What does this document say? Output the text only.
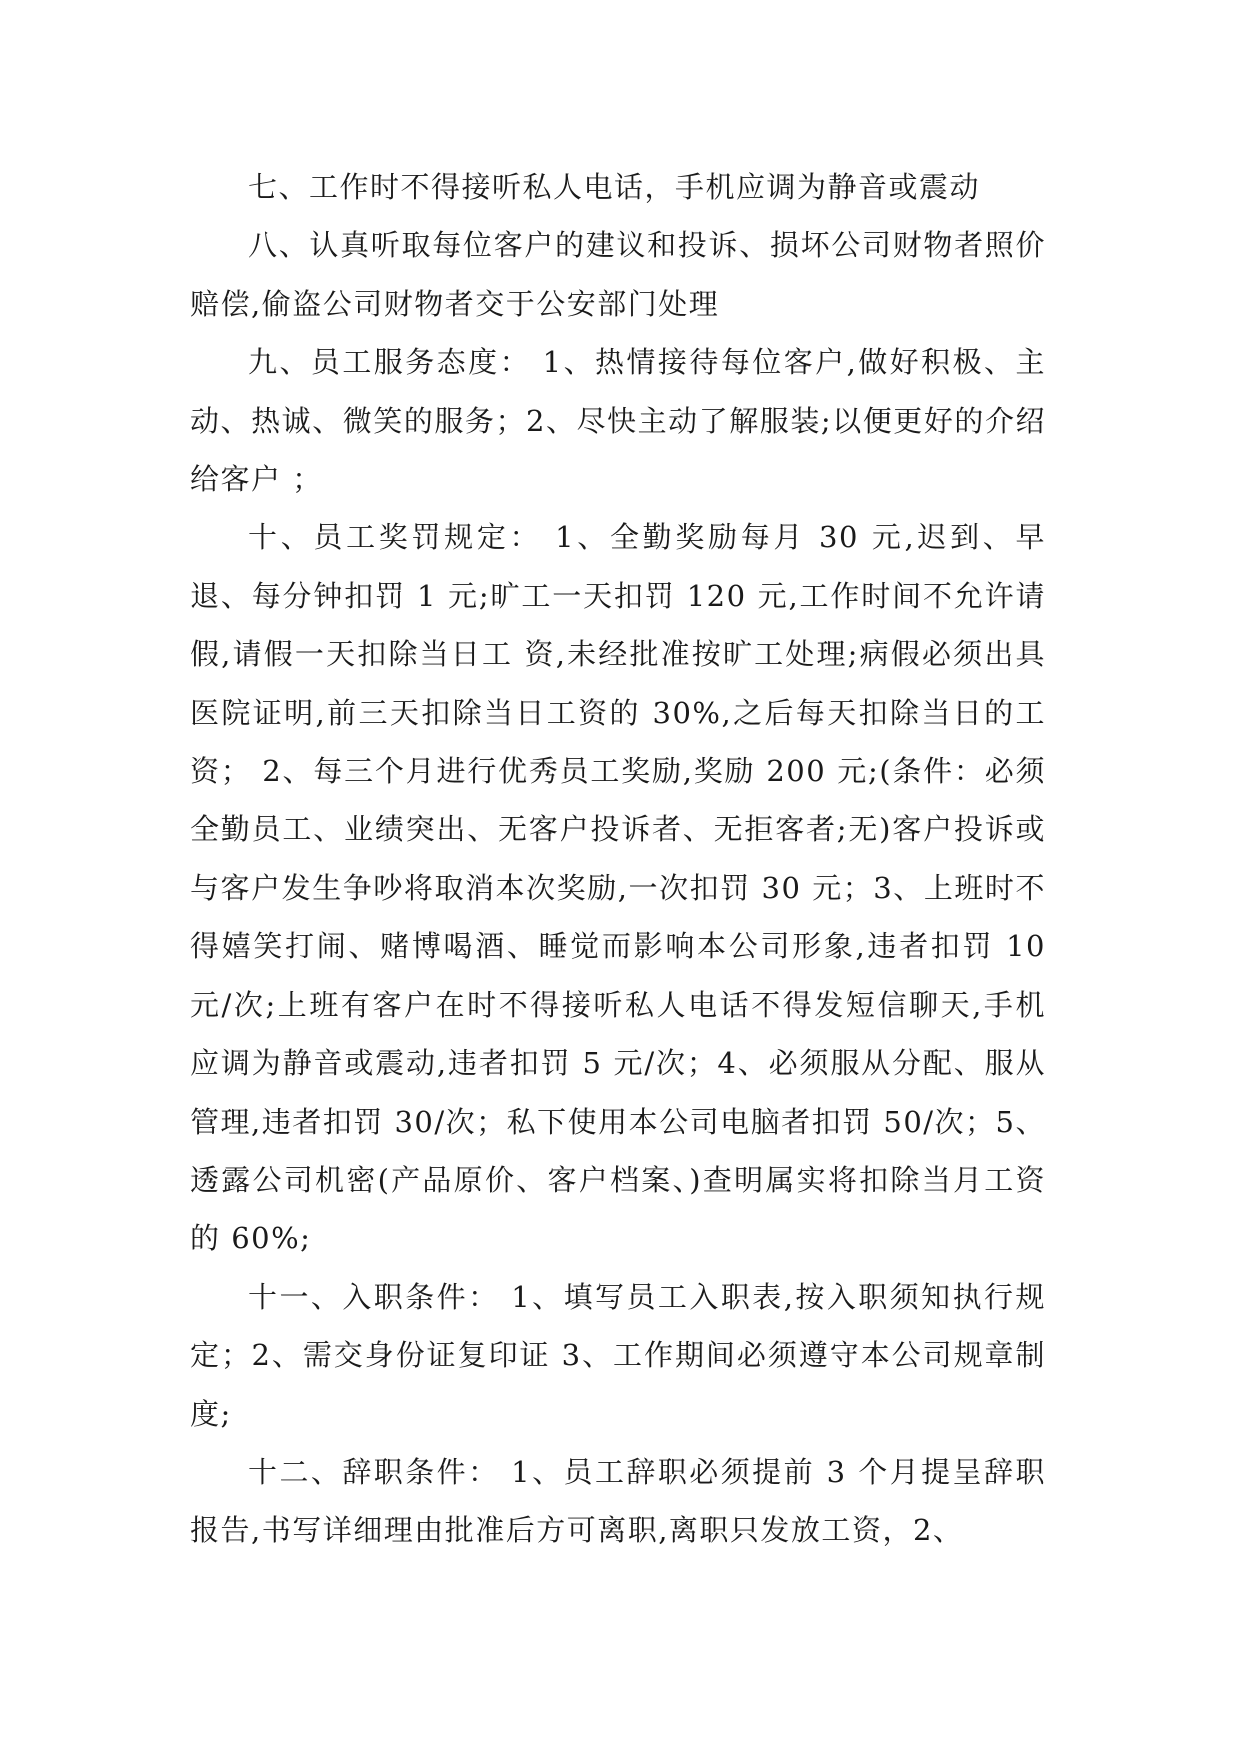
七、工作时不得接听私人电话，手机应调为静音或震动

八、认真听取每位客户的建议和投诉、损坏公司财物者照价赔偿,偷盗公司财物者交于公安部门处理

九、员工服务态度： 1、热情接待每位客户,做好积极、主动、热诚、微笑的服务；2、尽快主动了解服装;以便更好的介绍给客户 ；

十、员工奖罚规定： 1、全勤奖励每月 30 元,迟到、早退、每分钟扣罚 1 元;旷工一天扣罚 120 元,工作时间不允许请假,请假一天扣除当日工 资,未经批准按旷工处理;病假必须出具医院证明,前三天扣除当日工资的 30%,之后每天扣除当日的工资； 2、每三个月进行优秀员工奖励,奖励 200 元;(条件：必须全勤员工、业绩突出、无客户投诉者、无拒客者;无)客户投诉或与客户发生争吵将取消本次奖励,一次扣罚 30 元；3、上班时不得嬉笑打闹、赌博喝酒、睡觉而影响本公司形象,违者扣罚 10 元/次;上班有客户在时不得接听私人电话不得发短信聊天,手机应调为静音或震动,违者扣罚 5 元/次；4、必须服从分配、服从管理,违者扣罚 30/次；私下使用本公司电脑者扣罚 50/次；5、透露公司机密(产品原价、客户档案、)查明属实将扣除当月工资的 60%;

十一、入职条件： 1、填写员工入职表,按入职须知执行规定；2、需交身份证复印证 3、工作期间必须遵守本公司规章制度;

十二、辞职条件： 1、员工辞职必须提前 3 个月提呈辞职报告,书写详细理由批准后方可离职,离职只发放工资，2、
